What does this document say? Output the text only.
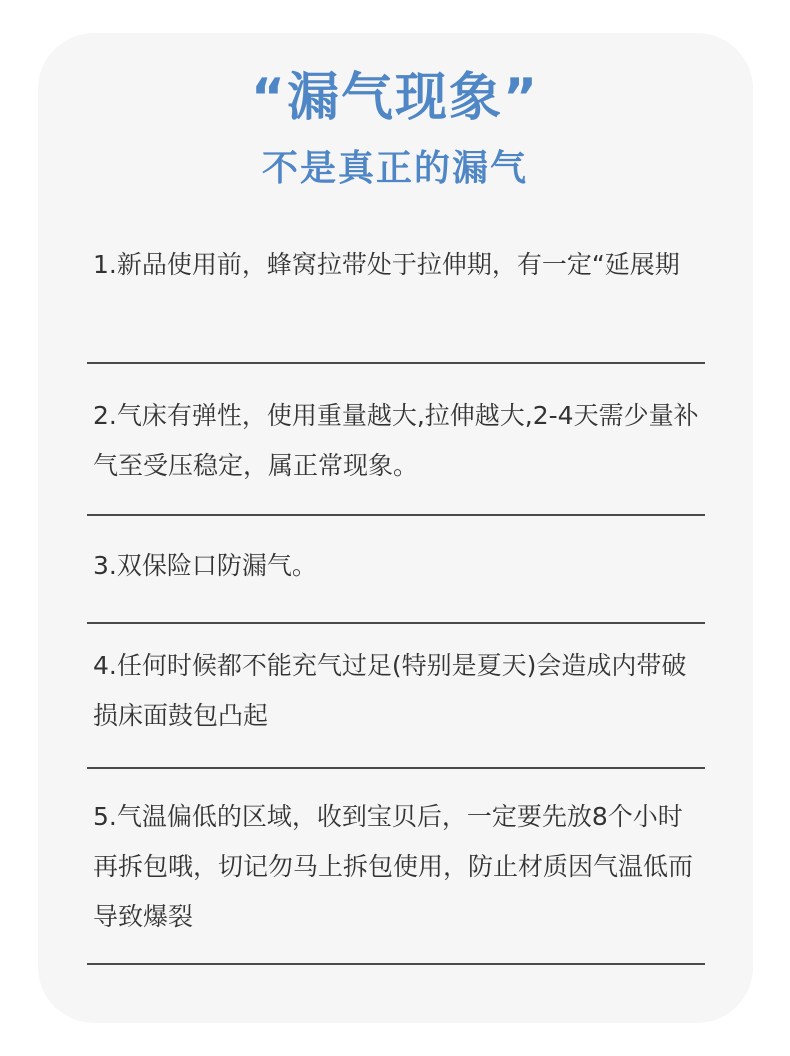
“漏气现象”
不是真正的漏气
1.新品使用前，蜂窝拉带处于拉伸期，有一定“延展期
2.气床有弹性，使用重量越大,拉伸越大,2-4天需少量补气至受压稳定，属正常现象。
3.双保险口防漏气。
4.任何时候都不能充气过足(特别是夏天)会造成内带破损床面鼓包凸起
5.气温偏低的区域，收到宝贝后，一定要先放8个小时再拆包哦，切记勿马上拆包使用，防止材质因气温低而导致爆裂
